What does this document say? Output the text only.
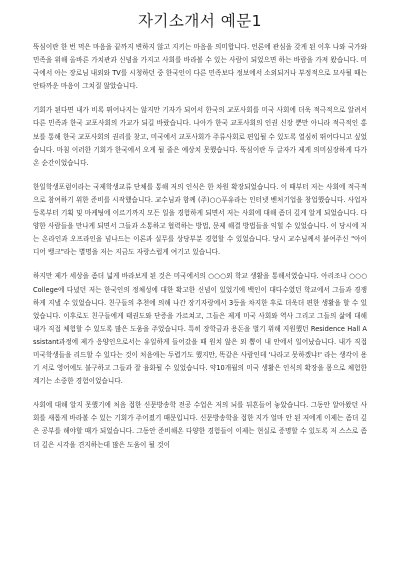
자기소개서 예문1

뚝심이란 한 번 먹은 마음을 끝까지 변하지 않고 지키는 마음을 의미합니다. 언론에 관심을 갖게 된 이후 나와 국가와 민족을 위해 올바른 가치관과 신념을 가지고 사회를 바라볼 수 있는 사람이 되었으면 하는 바람을 가져 왔습니다. 미국에서 아는 장로님 내외와 TV를 시청하던 중 한국인이 다른 민족보다 정보에서 소외되거나 부정적으로 묘사될 때는 안타까운 마음이 그치질 않았습니다.

기회가 된다면 내가 비록 뛰어나지는 않지만 기자가 되어서 한국의 교포사회를 미국 사회에 더욱 적극적으로 알려서 다른 민족과 한국 교포사회의 가교가 되길 바랐습니다. 나아가 한국 교포사회의 인권 신장 뿐만 아니라 적극적인 홍보를 통해 한국 교포사회의 권리를 찾고, 미국에서 교포사회가 주류사회로 편입될 수 있도록 열심히 뛰어다니고 싶었습니다. 마침 이러한 기회가 한국에서 오게 될 줄은 예상치 못했습니다. 뚝심이란 두 글자가 제게 의미심장하게 다가온 순간이었습니다.

한일학생포럼이라는 국제학생교류 단체를 통해 저의 인식은 한 차원 확장되었습니다. 이 때부터 저는 사회에 적극적으로 참여하기 위한 준비를 시작했습니다. 교수님과 함께 (주)○○푸유라는 인터넷 벤처기업을 창업했습니다. 사업자등록부터 기획 및 마케팅에 이르기까지 모든 일을 경험하게 되면서 저는 사회에 대해 좀더 깊게 알게 되었습니다. 다양한 사람들을 만나게 되면서 그들과 소통하고 협력하는 방법, 문제 해결 방법들을 익힐 수 있었습니다. 이 당시에 저는 온라인과 오프라인을 넘나드는 이론과 실무를 상당부분 경험할 수 있었습니다. 당시 교수님께서 붙여주신 "아이디어 뱅크"라는 별명을 저는 지금도 자랑스럽게 여기고 있습니다.

하지만 제가 세상을 좀더 넓게 바라보게 된 것은 미국에서의 ○○○외 학교 생활을 통해서였습니다. 아리조나 ○○○ College에 다녔던 저는 한국인의 정체성에 대한 확고한 신념이 있었기에 백인이 대다수였던 학교에서 그들과 경쟁하게 지낼 수 있었습니다. 친구들의 추천에 의해 나간 장기자랑에서 3등을 차지한 후로 더욱더 편한 생활을 할 수 있었습니다. 이후로도 친구들에게 태권도와 단증을 가르쳐고, 그들은 제게 미국 사회와 역사 그리고 그들의 삶에 대해 내가 직접 체험할 수 있도록 많은 도움을 주었습니다. 특히 장학금과 용돈을 벌기 위해 지원했던 Residence Hall Assistant과정에 제가 응양인으로서는 유일하게 들어갔을 때 원치 않은 외 뽑이 내 안에서 일어났습니다. 내가 직접 미국학생들을 리드할 수 있다는 것이 처음에는 두렵기도 했지만, 똑같은 사람인데 '나라고 못하겠냐!' 라는 생각이 용기 서로 영어에도 불구하고 그들과 잘 융화될 수 있었습니다. 약10개월의 미국 생활은 인식의 확장을 몸으로 체험한 계기는 소중한 경험이었습니다.

사회에 대해 알지 못했기에 처음 접한 신문방송학 전공 수업은 저의 뇌를 뒤흔들어 놓았습니다. 그동안 알아왔던 사회를 새롭게 바라볼 수 있는 기회가 주어졌기 때문입니다. 신문방송학을 접한 지가 얼마 안 된 저에게 이제는 좀더 깊은 공부를 해야할 때가 되었습니다. 그동안 준비해온 다양한 경험들이 이제는 현실로 증명할 수 있도록 저 스스로 좀더 깊은 시각을 견지하는데 많은 도움이 될 것이
